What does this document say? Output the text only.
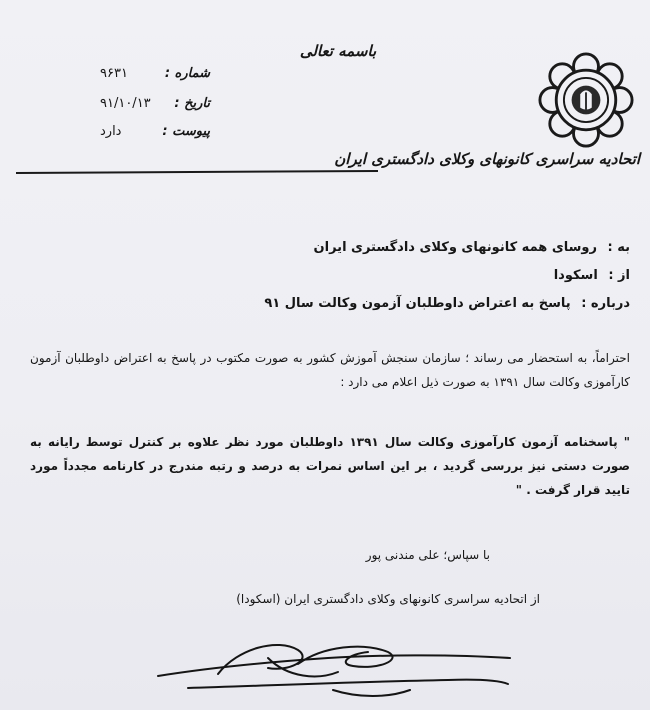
باسمه تعالی
شماره :
۹۶۳۱
تاریخ :
۹۱/۱۰/۱۳
پیوست :
دارد
اتحادیه سراسری کانونهای وکلای دادگستری ایران
به : روسای همه کانونهای وکلای دادگستری ایران
از : اسکودا
درباره : پاسخ به اعتراض داوطلبان آزمون وکالت سال ۹۱

احتراماً، به استحضار می رساند ؛ سازمان سنجش آموزش کشور به صورت مکتوب در پاسخ به اعتراض داوطلبان آزمون کارآموزی وکالت سال ۱۳۹۱ به صورت ذیل اعلام می دارد :

" پاسخنامه آزمون کارآموزی وکالت سال ۱۳۹۱ داوطلبان مورد نظر علاوه بر کنترل توسط رایانه به صورت دستی نیز بررسی گردید ، بر این اساس نمرات به درصد و رتبه مندرج در کارنامه مجدداً مورد تایید قرار گرفت . "

با سپاس؛ علی مندنی پور
از اتحادیه سراسری کانونهای وکلای دادگستری ایران (اسکودا)
